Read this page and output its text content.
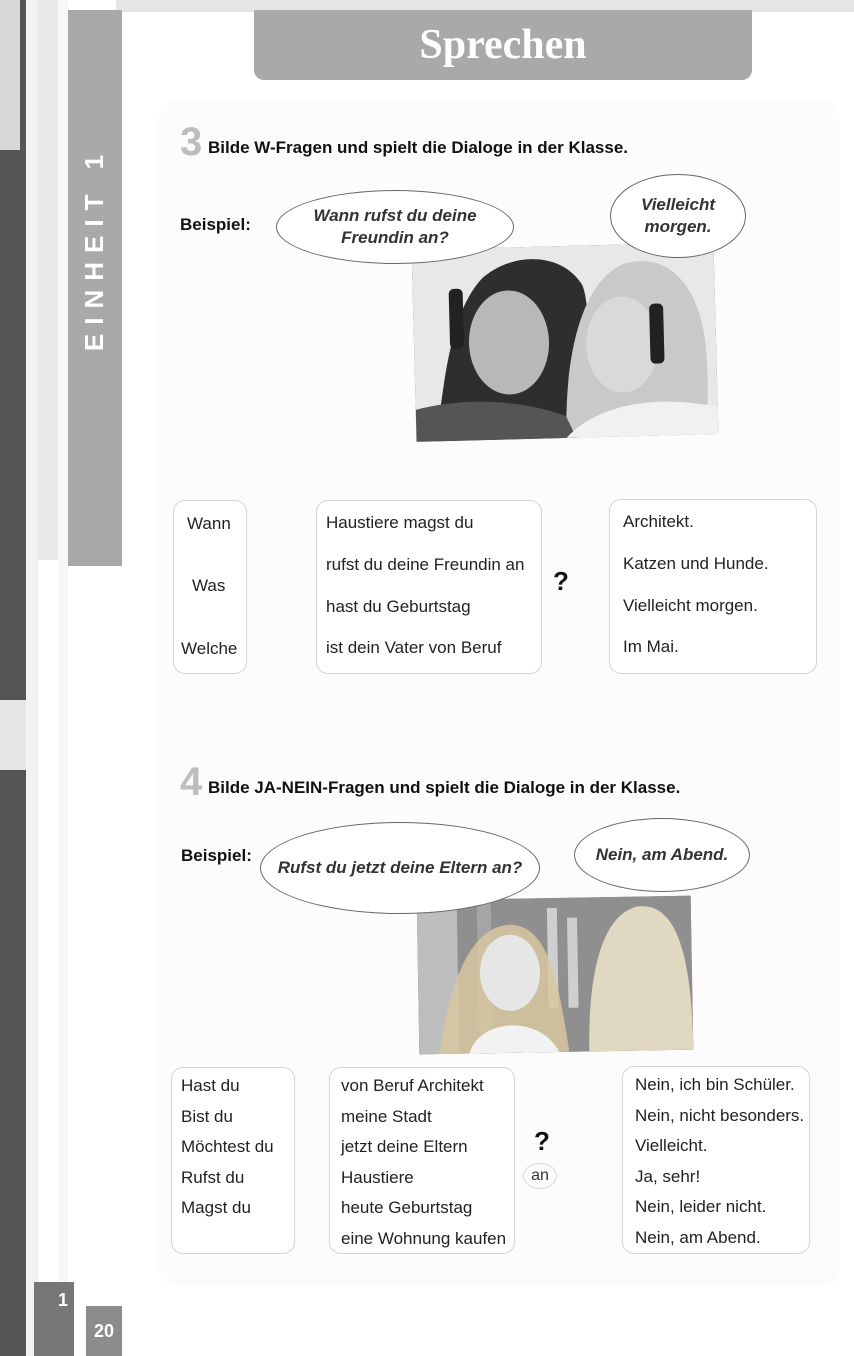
EINHEIT 1
1
20
Sprechen
3 Bilde W-Fragen und spielt die Dialoge in der Klasse.
Beispiel:	Wann rufst du deine
Freundin an?
Vielleicht
morgen.
Wann
Was
Welche
Haustiere magst du
rufst du deine Freundin an
hast du Geburtstag
ist dein Vater von Beruf
?
Architekt.
Katzen und Hunde.
Vielleicht morgen.
Im Mai.
4 Bilde JA-NEIN-Fragen und spielt die Dialoge in der Klasse.
Beispiel:
Rufst du jetzt deine Eltern an?
Nein, am Abend.
Hast du
Bist du
Möchtest du
Rufst du
Magst du
von Beruf Architekt
meine Stadt
jetzt deine Eltern
Haustiere
heute Geburtstag
eine Wohnung kaufen
?
an
Nein, ich bin Schüler.
Nein, nicht besonders.
Vielleicht.
Ja, sehr!
Nein, leider nicht.
Nein, am Abend.
